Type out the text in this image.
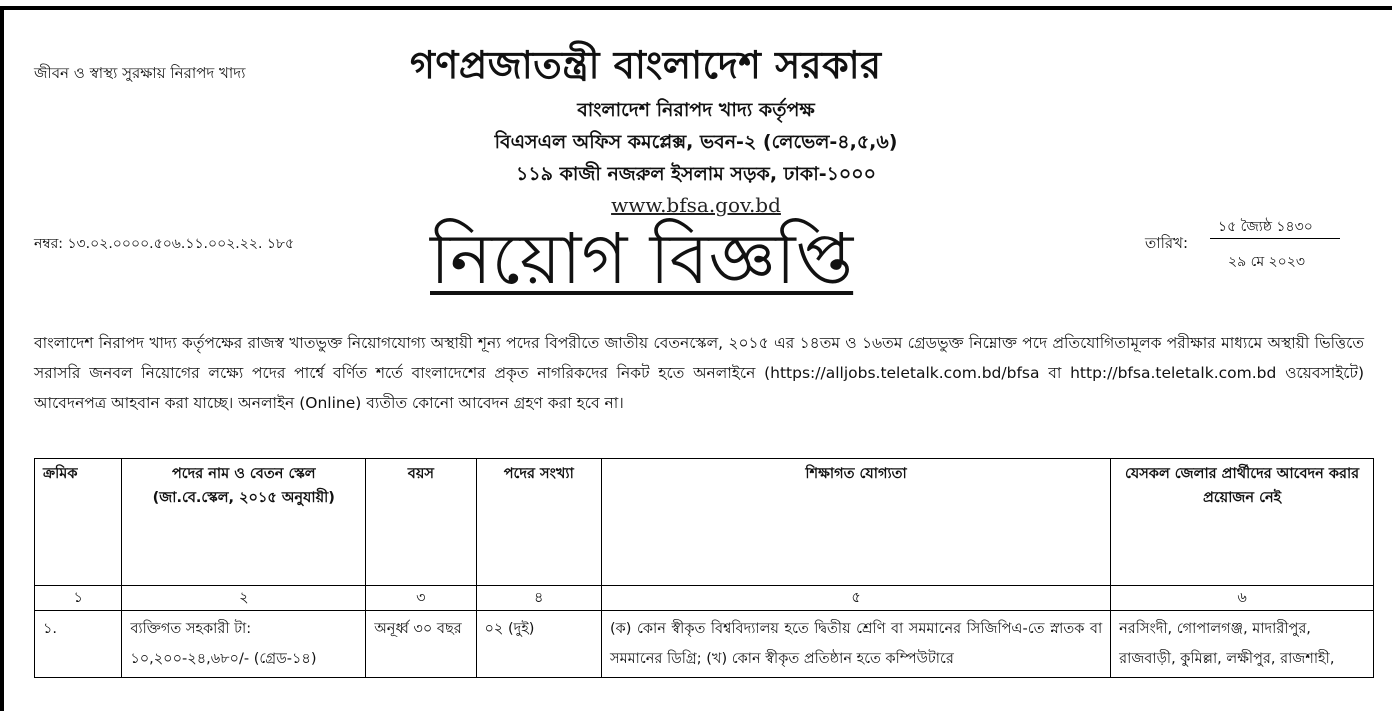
জীবন ও স্বাস্থ্য সুরক্ষায় নিরাপদ খাদ্য	গণপ্রজাতন্ত্রী বাংলাদেশ সরকার
বাংলাদেশ নিরাপদ খাদ্য কর্তৃপক্ষ
বিএসএল অফিস কমপ্লেক্স, ভবন-২ (লেভেল-৪,৫,৬)
১১৯ কাজী নজরুল ইসলাম সড়ক, ঢাকা-১০০০
www.bfsa.gov.bd
নম্বর: ১৩.০২.০০০০.৫০৬.১১.০০২.২২. ১৮৫ নিয়োগ বিজ্ঞপ্তি	তারিখ:
১৫ জ্যৈষ্ঠ ১৪৩০
২৯ মে ২০২৩
বাংলাদেশ নিরাপদ খাদ্য কর্তৃপক্ষের রাজস্ব খাতভুক্ত নিয়োগযোগ্য অস্থায়ী শূন্য পদের বিপরীতে জাতীয় বেতনস্কেল, ২০১৫ এর ১৪তম ও ১৬তম গ্রেডভুক্ত নিম্নোক্ত পদে প্রতিযোগিতামূলক পরীক্ষার মাধ্যমে অস্থায়ী ভিত্তিতে সরাসরি জনবল নিয়োগের লক্ষ্যে পদের পার্শ্বে বর্ণিত শর্তে বাংলাদেশের প্রকৃত নাগরিকদের নিকট হতে অনলাইনে (https://alljobs.teletalk.com.bd/bfsa বা http://bfsa.teletalk.com.bd ওয়েবসাইটে) আবেদনপত্র আহবান করা যাচ্ছে। অনলাইন (Online) ব্যতীত কোনো আবেদন গ্রহণ করা হবে না।
ক্রমিক	পদের নাম ও বেতন স্কেল (জা.বে.স্কেল, ২০১৫ অনুযায়ী)	বয়স	পদের সংখ্যা	শিক্ষাগত যোগ্যতা	যেসকল জেলার প্রার্থীদের আবেদন করার প্রয়োজন নেই
১	২	৩	৪	৫	৬
১.	ব্যক্তিগত সহকারী টা: ১০,২০০-২৪,৬৮০/- (গ্রেড-১৪)	অনূর্ধ্ব ৩০ বছর	০২ (দুই)	(ক) কোন স্বীকৃত বিশ্ববিদ্যালয় হতে দ্বিতীয় শ্রেণি বা সমমানের সিজিপিএ-তে স্নাতক বা সমমানের ডিগ্রি; (খ) কোন স্বীকৃত প্রতিষ্ঠান হতে কম্পিউটারে	নরসিংদী, গোপালগঞ্জ, মাদারীপুর, রাজবাড়ী, কুমিল্লা, লক্ষীপুর, রাজশাহী,
